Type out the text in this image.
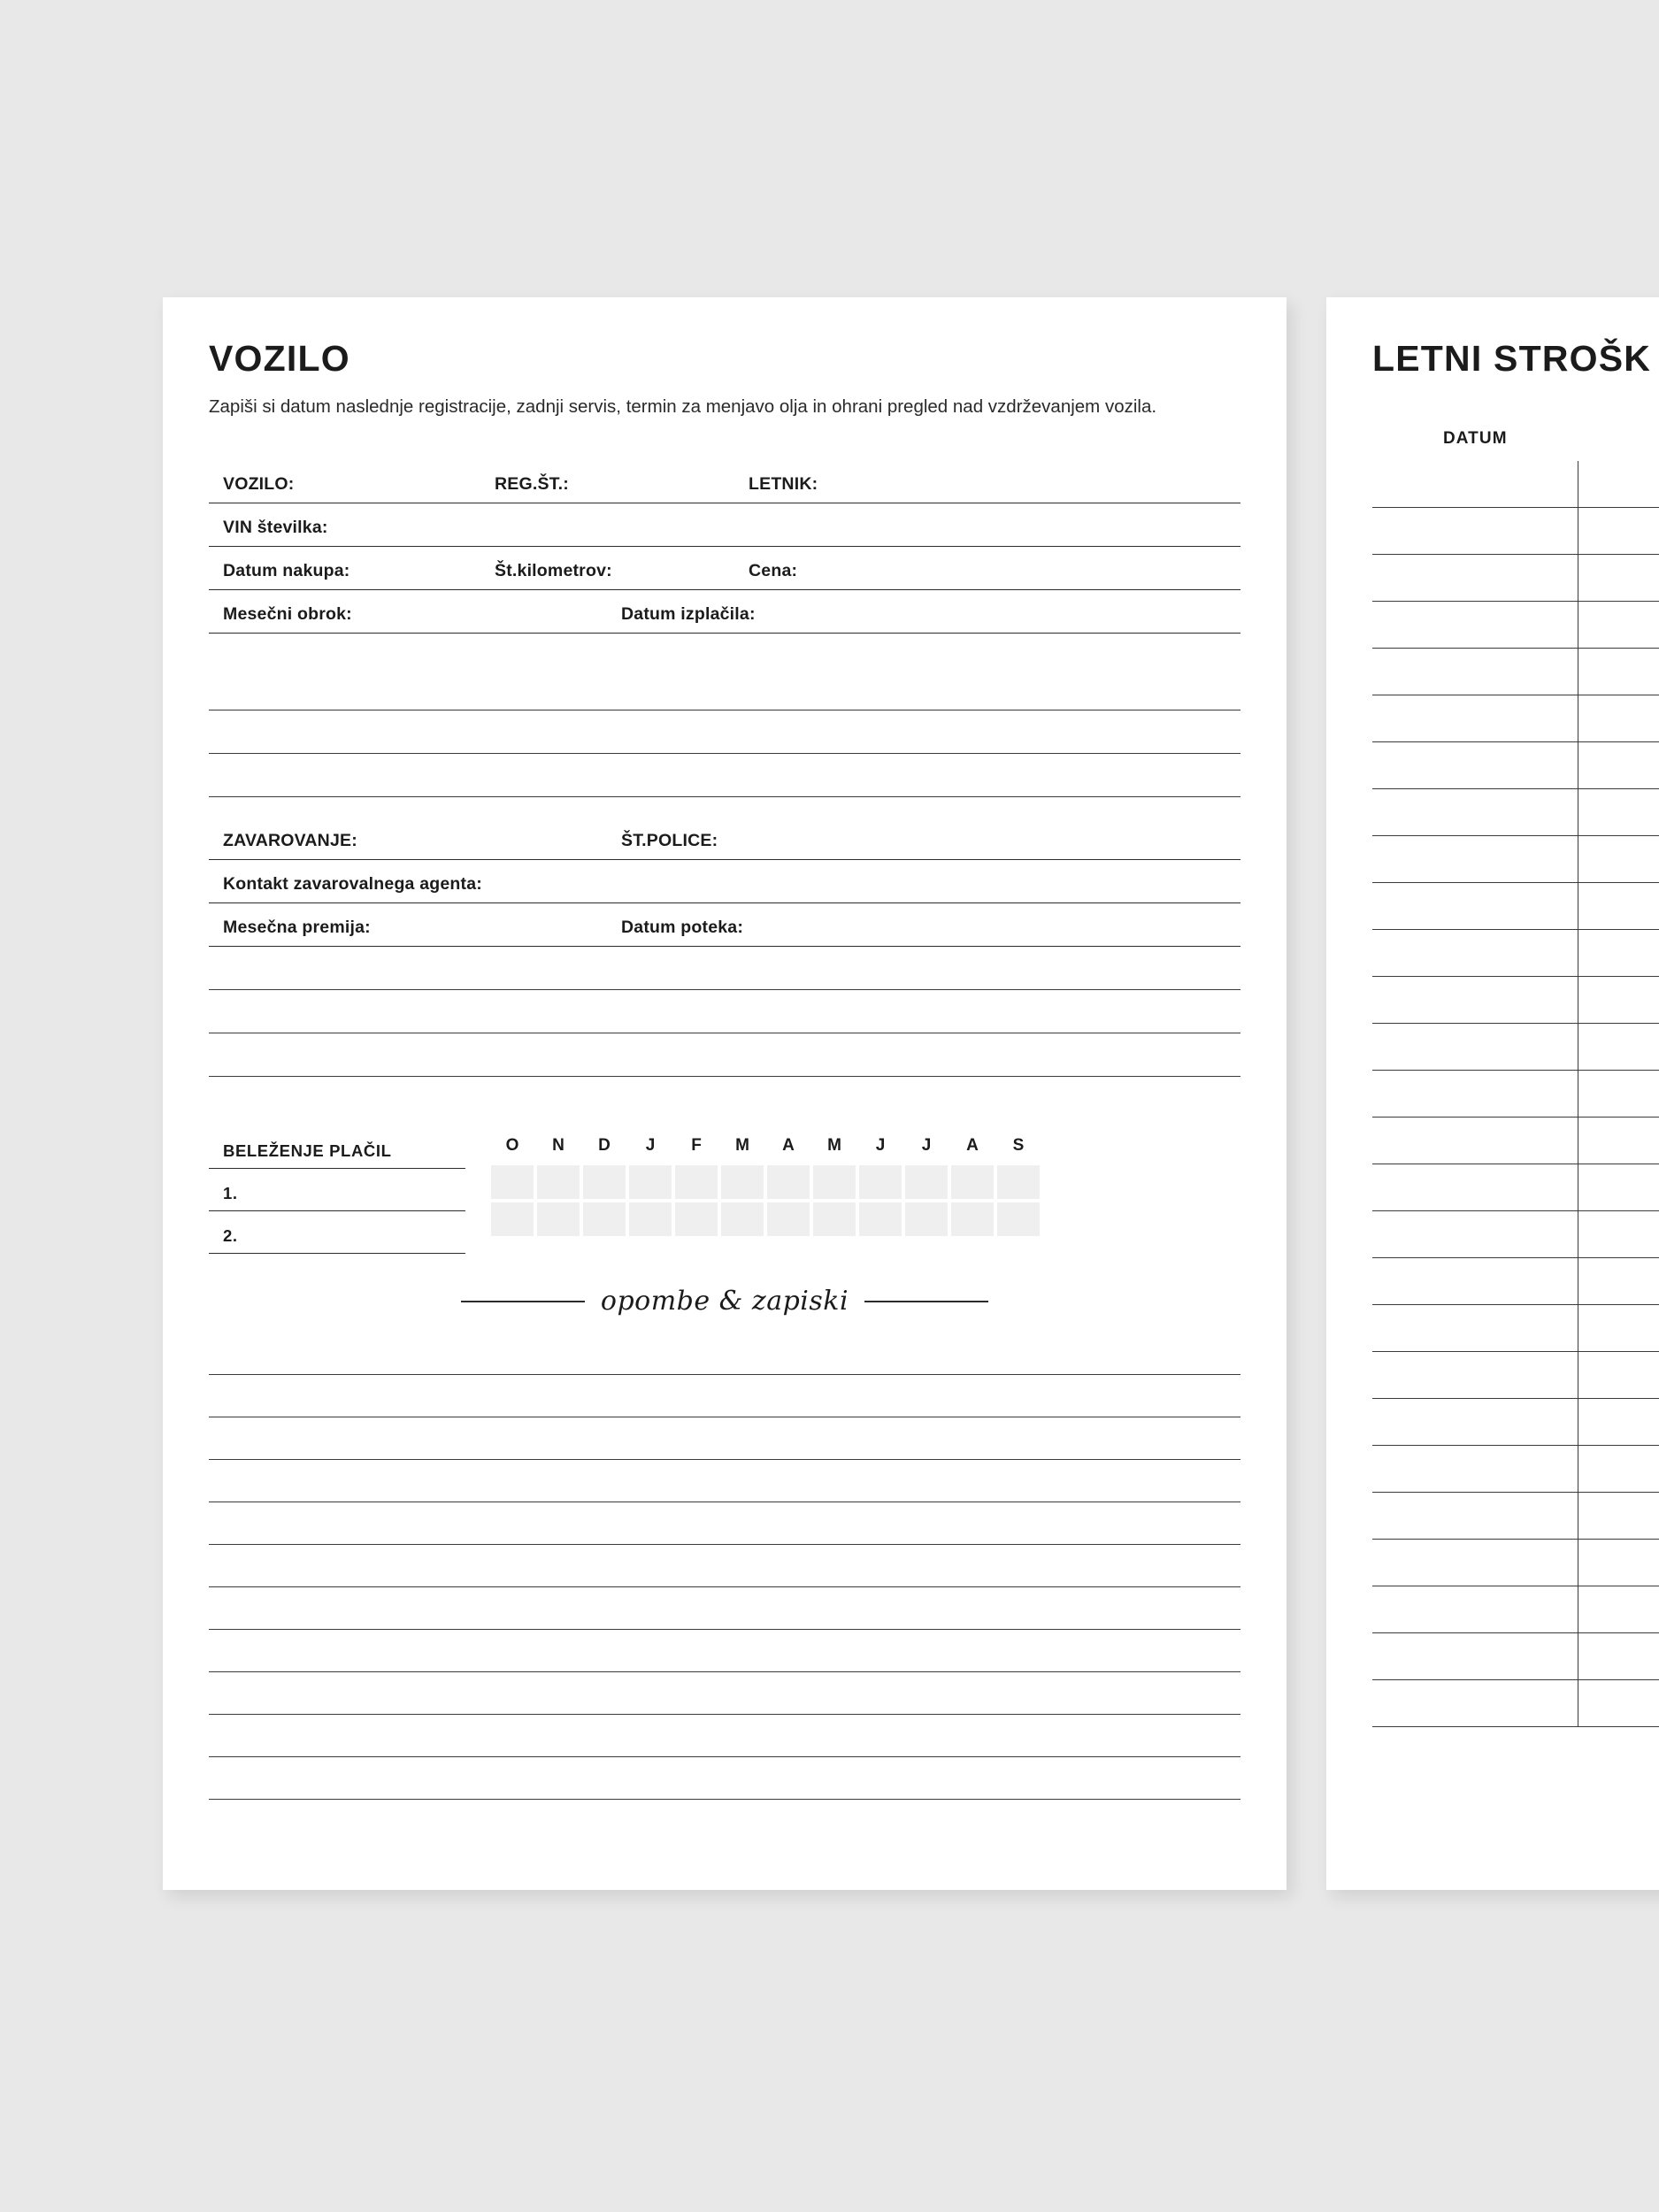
VOZILO

Zapiši si datum naslednje registracije, zadnji servis, termin za menjavo olja in ohrani pregled nad vzdrževanjem vozila.

VOZILO:	REG.ŠT.:	LETNIK:
VIN številka:
Datum nakupa:	Št.kilometrov:	Cena:
Mesečni obrok:	Datum izplačila:
ZAVAROVANJE:	ŠT.POLICE:
Kontakt zavarovalnega agenta:
Mesečna premija:	Datum poteka:
BELEŽENJE PLAČIL
1.
2.
O	N	D	J	F	M	A	M	J	J	A	S

opombe & zapiski
LETNI STROŠK
DATUM	
